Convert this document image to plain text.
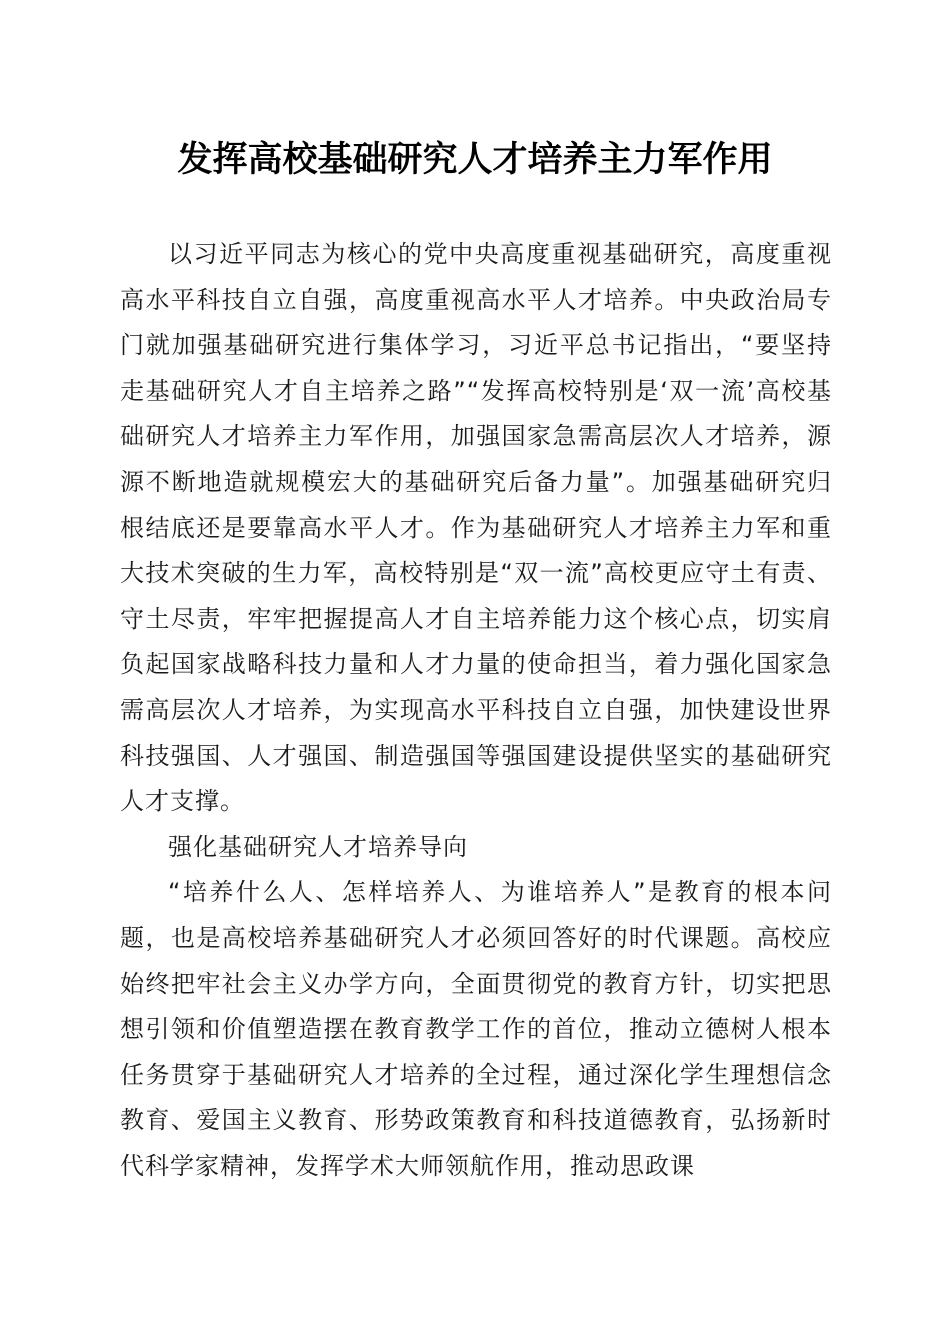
发挥高校基础研究人才培养主力军作用

以习近平同志为核心的党中央高度重视基础研究，高度重视高水平科技自立自强，高度重视高水平人才培养。中央政治局专门就加强基础研究进行集体学习，习近平总书记指出，“要坚持走基础研究人才自主培养之路”“发挥高校特别是‘双一流’高校基础研究人才培养主力军作用，加强国家急需高层次人才培养，源源不断地造就规模宏大的基础研究后备力量”。加强基础研究归根结底还是要靠高水平人才。作为基础研究人才培养主力军和重大技术突破的生力军，高校特别是“双一流”高校更应守土有责、守土尽责，牢牢把握提高人才自主培养能力这个核心点，切实肩负起国家战略科技力量和人才力量的使命担当，着力强化国家急需高层次人才培养，为实现高水平科技自立自强，加快建设世界科技强国、人才强国、制造强国等强国建设提供坚实的基础研究人才支撑。

强化基础研究人才培养导向

“培养什么人、怎样培养人、为谁培养人”是教育的根本问题，也是高校培养基础研究人才必须回答好的时代课题。高校应始终把牢社会主义办学方向，全面贯彻党的教育方针，切实把思想引领和价值塑造摆在教育教学工作的首位，推动立德树人根本任务贯穿于基础研究人才培养的全过程，通过深化学生理想信念教育、爱国主义教育、形势政策教育和科技道德教育，弘扬新时代科学家精神，发挥学术大师领航作用，推动思政课
